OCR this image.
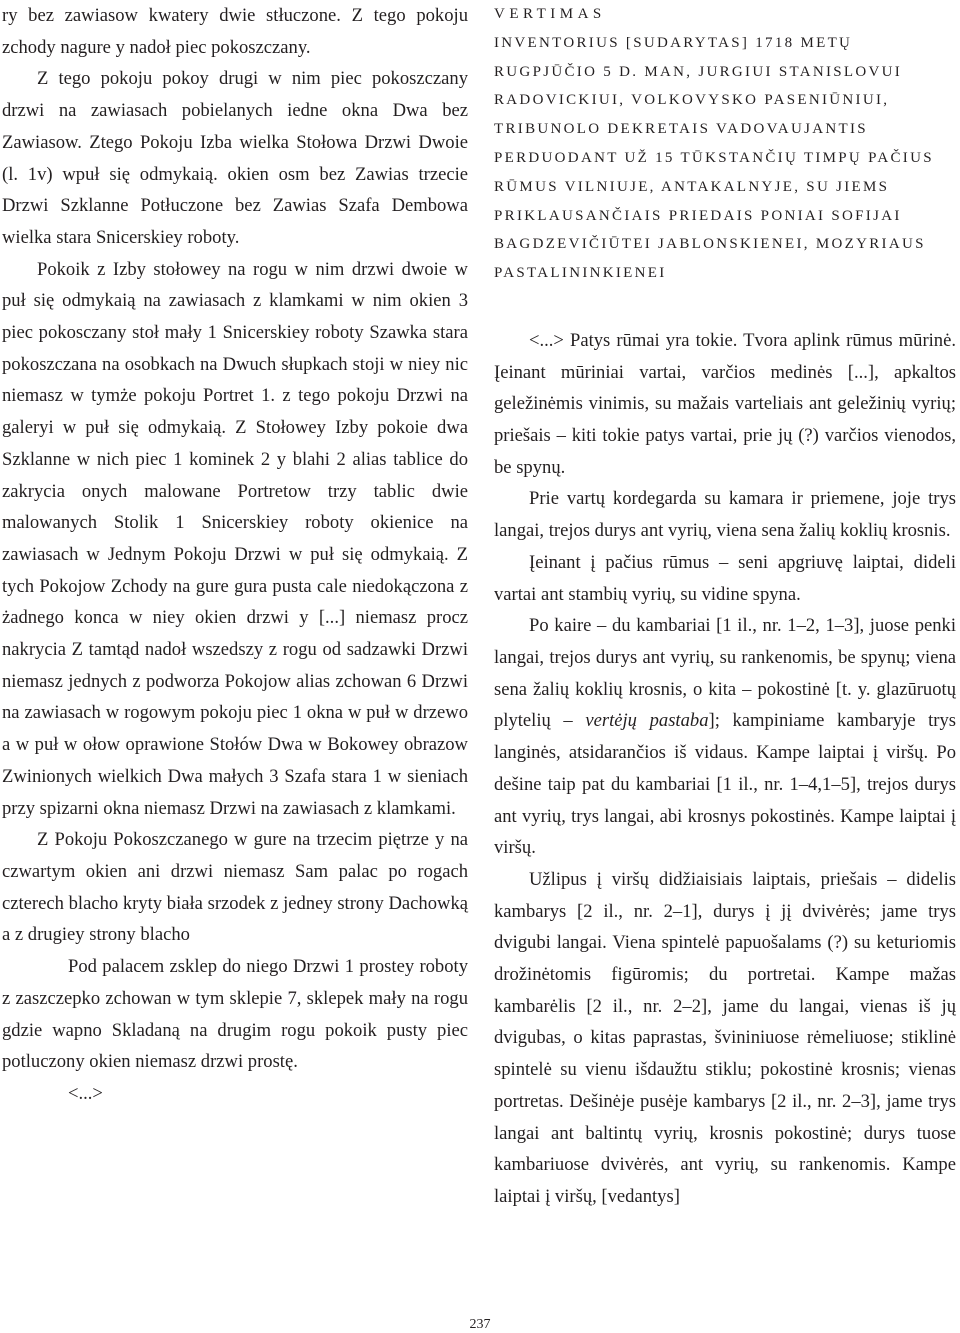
ry bez zawiasow kwatery dwie stłuczone. Z tego pokoju zchody nagure y nadoł piec pokoszczany.

Z tego pokoju pokoy drugi w nim piec pokoszczany drzwi na zawiasach pobielanych iedne okna Dwa bez Zawiasow. Ztego Pokoju Izba wielka Stołowa Drzwi Dwoie (l. 1v) wpuł się odmykaią. okien osm bez Zawias trzecie Drzwi Szklanne Potłuczone bez Zawias Szafa Dembowa wielka stara Snicerskiey roboty.

Pokoik z Izby stołowey na rogu w nim drzwi dwoie w puł się odmykaią na zawiasach z klamkami w nim okien 3 piec pokosczany stoł mały 1 Snicerskiey roboty Szawka stara pokoszczana na osobkach na Dwuch słupkach stoji w niey nic niemasz w tymże pokoju Portret 1. z tego pokoju Drzwi na galeryi w puł się odmykaią. Z Stołowey Izby pokoie dwa Szklanne w nich piec 1 kominek 2 y blahi 2 alias tablice do zakrycia onych malowane Portretow trzy tablic dwie malowanych Stolik 1 Snicerskiey roboty okienice na zawiasach w Jednym Pokoju Drzwi w puł się odmykaią. Z tych Pokojow Zchody na gure gura pusta cale niedokączona z żadnego konca w niey okien drzwi y [...] niemasz procz nakrycia Z tamtąd nadoł wszedszy z rogu od sadzawki Drzwi niemasz jednych z podworza Pokojow alias zchowan 6 Drzwi na zawiasach w rogowym pokoju piec 1 okna w puł w drzewo a w puł w ołow oprawione Stołów Dwa w Bokowey obrazow Zwinionych wielkich Dwa małych 3 Szafa stara 1 w sieniach przy spizarni okna niemasz Drzwi na zawiasach z klamkami.

Z Pokoju Pokoszczanego w gure na trzecim piętrze y na czwartym okien ani drzwi niemasz Sam palac po rogach czterech blacho kryty biała srzodek z jedney strony Dachowką a z drugiey strony blacho

Pod palacem zsklep do niego Drzwi 1 prostey roboty z zaszczepko zchowan w tym sklepie 7, sklepek mały na rogu gdzie wapno Skladaną na drugim rogu pokoik pusty piec potluczony okien niemasz drzwi prostę.

<...>

VERTIMAS

INVENTORIUS [SUDARYTAS] 1718 METŲ RUGPJŪČIO 5 D. MAN, JURGIUI STANISLOVUI RADOVICKIUI, VOLKOVYSKO PASENIŪNIUI, TRIBUNOLO DEKRETAIS VADOVAUJANTIS PERDUODANT UŽ 15 TŪKSTANČIŲ TIMPŲ PAČIUS RŪMUS VILNIUJE, ANTAKALNYJE, SU JIEMS PRIKLAUSANČIAIS PRIEDAIS PONIAI SOFIJAI BAGDZEVIČIŪTEI JABLONSKIENEI, MOZYRIAUS PASTALININKIENEI

<...> Patys rūmai yra tokie. Tvora aplink rūmus mūrinė. Įeinant mūriniai vartai, varčios medinės [...], apkaltos geležinėmis vinimis, su mažais varteliais ant geležinių vyrių; priešais – kiti tokie patys vartai, prie jų (?) varčios vienodos, be spynų.

Prie vartų kordegarda su kamara ir priemene, joje trys langai, trejos durys ant vyrių, viena sena žalių koklių krosnis.

Įeinant į pačius rūmus – seni apgriuvę laiptai, dideli vartai ant stambių vyrių, su vidine spyna.

Po kaire – du kambariai [1 il., nr. 1–2, 1–3], juose penki langai, trejos durys ant vyrių, su rankenomis, be spynų; viena sena žalių koklių krosnis, o kita – pokostinė [t. y. glazūruotų plytelių – vertėjų pastaba]; kampiniame kambaryje trys langinės, atsidarančios iš vidaus. Kampe laiptai į viršų. Po dešine taip pat du kambariai [1 il., nr. 1–4,1–5], trejos durys ant vyrių, trys langai, abi krosnys pokostinės. Kampe laiptai į viršų.

Užlipus į viršų didžiaisiais laiptais, priešais – didelis kambarys [2 il., nr. 2–1], durys į jį dvivėrės; jame trys dvigubi langai. Viena spintelė papuošalams (?) su keturiomis drožinėtomis figūromis; du portretai. Kampe mažas kambarėlis [2 il., nr. 2–2], jame du langai, vienas iš jų dvigubas, o kitas paprastas, švininiuose rėmeliuose; stiklinė spintelė su vienu išdaužtu stiklu; pokostinė krosnis; vienas portretas. Dešinėje pusėje kambarys [2 il., nr. 2–3], jame trys langai ant baltintų vyrių, krosnis pokostinė; durys tuose kambariuose dvivėrės, ant vyrių, su rankenomis. Kampe laiptai į viršų, [vedantys]

237
